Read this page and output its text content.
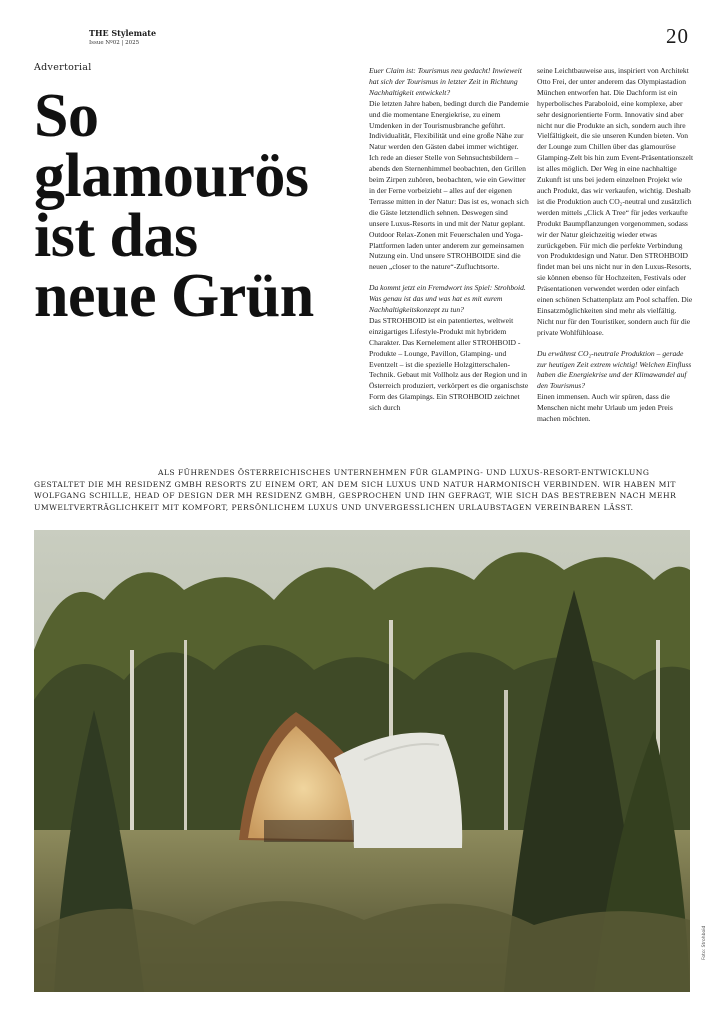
THE Stylemate
Issue Nº02 | 2025	20
Advertorial
So
glamourös
ist das
neue Grün

Euer Claim ist: Tourismus neu gedacht! Inwieweit hat sich der Tourismus in letzter Zeit in Richtung Nachhaltigkeit entwickelt?

Die letzten Jahre haben, bedingt durch die Pandemie und die momentane Energiekrise, zu einem Umdenken in der Tourismusbranche geführt. Individualität, Flexibilität und eine große Nähe zur Natur werden den Gästen dabei immer wichtiger. Ich rede an dieser Stelle von Sehnsuchtsbildern – abends den Sternenhimmel beobachten, den Grillen beim Zirpen zuhören, beobachten, wie ein Gewitter in der Ferne vorbeizieht – alles auf der eigenen Terrasse mitten in der Natur: Das ist es, wonach sich die Gäste letztendlich sehnen. Deswegen sind unsere Luxus-Resorts in und mit der Natur geplant. Outdoor Relax-Zonen mit Feuerschalen und Yoga-Plattformen laden unter anderem zur gemeinsamen Nutzung ein. Und unsere STROHBOIDE sind die neuen „closer to the nature“-Zufluchtsorte.

Da kommt jetzt ein Fremdwort ins Spiel: Strohboid. Was genau ist das und was hat es mit eurem Nachhaltigkeitskonzept zu tun?

Das STROHBOID ist ein patentiertes, weltweit einzigartiges Lifestyle-Produkt mit hybridem Charakter. Das Kernelement aller STROHBOID -Produkte – Lounge, Pavillon, Glamping- und Eventzelt – ist die spezielle Holzgitterschalen-Technik. Gebaut mit Vollholz aus der Region und in Österreich produziert, verkörpert es die organischste Form des Glampings. Ein STROHBOID zeichnet sich durch

seine Leichtbauweise aus, inspiriert von Architekt Otto Frei, der unter anderem das Olympiastadion München entworfen hat. Die Dachform ist ein hyperbolisches Paraboloid, eine komplexe, aber sehr designorientierte Form. Innovativ sind aber nicht nur die Produkte an sich, sondern auch ihre Vielfältigkeit, die sie unseren Kunden bieten. Von der Lounge zum Chillen über das glamouröse Glamping-Zelt bis hin zum Event-Präsentationszelt ist alles möglich. Der Weg in eine nachhaltige Zukunft ist uns bei jedem einzelnen Projekt wie auch Produkt, das wir verkaufen, wichtig. Deshalb ist die Produktion auch CO₂-neutral und zusätzlich werden mittels „Click A Tree“ für jedes verkaufte Produkt Baumpflanzungen vorgenommen, sodass wir der Natur gleichzeitig wieder etwas zurückgeben. Für mich die perfekte Verbindung von Produktdesign und Natur. Den STROHBOID findet man bei uns nicht nur in den Luxus-Resorts, sie können ebenso für Hochzeiten, Festivals oder Präsentationen verwendet werden oder einfach einen schönen Schattenplatz am Pool schaffen. Die Einsatzmöglichkeiten sind mehr als vielfältig. Nicht nur für den Touristiker, sondern auch für die private Wohlfühloase.

Du erwähnst CO₂-neutrale Produktion – gerade zur heutigen Zeit extrem wichtig! Welchen Einfluss haben die Energiekrise und der Klimawandel auf den Tourismus?

Einen immensen. Auch wir spüren, dass die Menschen nicht mehr Urlaub um jeden Preis machen möchten.

ALS FÜHRENDES ÖSTERREICHISCHES UNTERNEHMEN FÜR GLAMPING- UND LUXUS-RESORT-ENTWICKLUNG GESTALTET DIE MH RESIDENZ GMBH RESORTS ZU EINEM ORT, AN DEM SICH LUXUS UND NATUR HARMONISCH VERBINDEN. WIR HABEN MIT WOLFGANG SCHILLE, HEAD OF DESIGN DER MH RESIDENZ GMBH, GESPROCHEN UND IHN GEFRAGT, WIE SICH DAS BESTREBEN NACH MEHR UMWELTVERTRÄGLICHKEIT MIT KOMFORT, PERSÖNLICHEM LUXUS UND UNVERGESSLICHEN URLAUBSTAGEN VEREINBAREN LÄSST.
Foto: Strohboid
